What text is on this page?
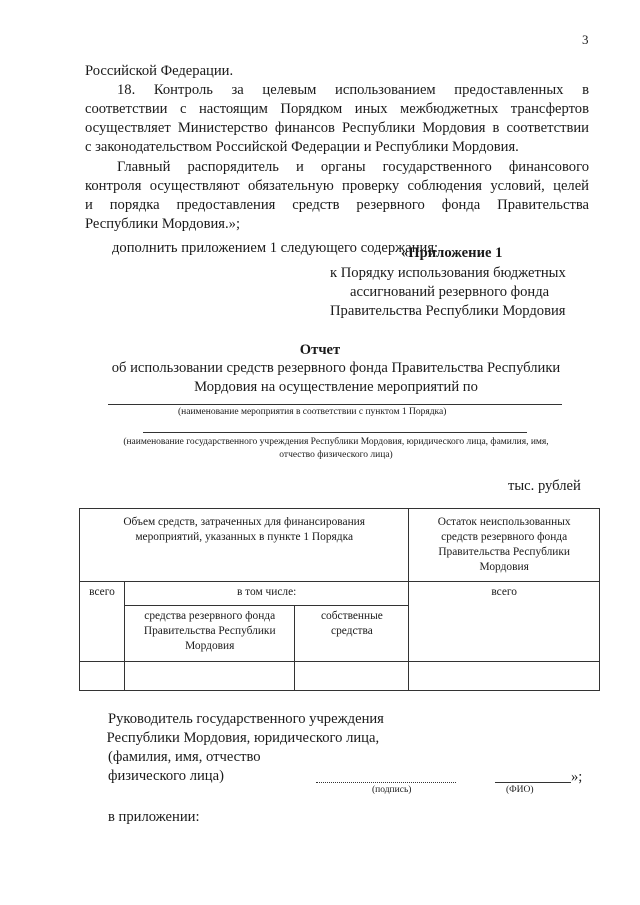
3
Российской Федерации.
18. Контроль за целевым использованием предоставленных в
соответствии с настоящим Порядком иных межбюджетных трансфертов
осуществляет Министерство финансов Республики Мордовия в соответствии
с законодательством Российской Федерации и Республики Мордовия.
Главный распорядитель и органы государственного финансового
контроля осуществляют обязательную проверку соблюдения условий, целей
и порядка предоставления средств резервного фонда Правительства
Республики Мордовия.»;
дополнить приложением 1 следующего содержания:
«Приложение 1
к Порядку использования бюджетных
ассигнований резервного фонда
Правительства Республики Мордовия
Отчет
об использовании средств резервного фонда Правительства Республики
Мордовия на осуществление мероприятий по
(наименование мероприятия в соответствии с пунктом 1 Порядка)
(наименование государственного учреждения Республики Мордовия, юридического лица, фамилия, имя,
отчество физического лица)
тыс. рублей
Объем средств, затраченных для финансирования мероприятий, указанных в пункте 1 Порядка			Остаток неиспользованных средств резервного фонда Правительства Республики Мордовия
всего	в том числе:		всего
	средства резервного фонда Правительства Республики Мордовия	собственные средства	

Руководитель государственного учреждения
Республики Мордовия, юридического лица,
(фамилия, имя, отчество
физического лица)	»;
(подпись)	(ФИО)
в приложении:
